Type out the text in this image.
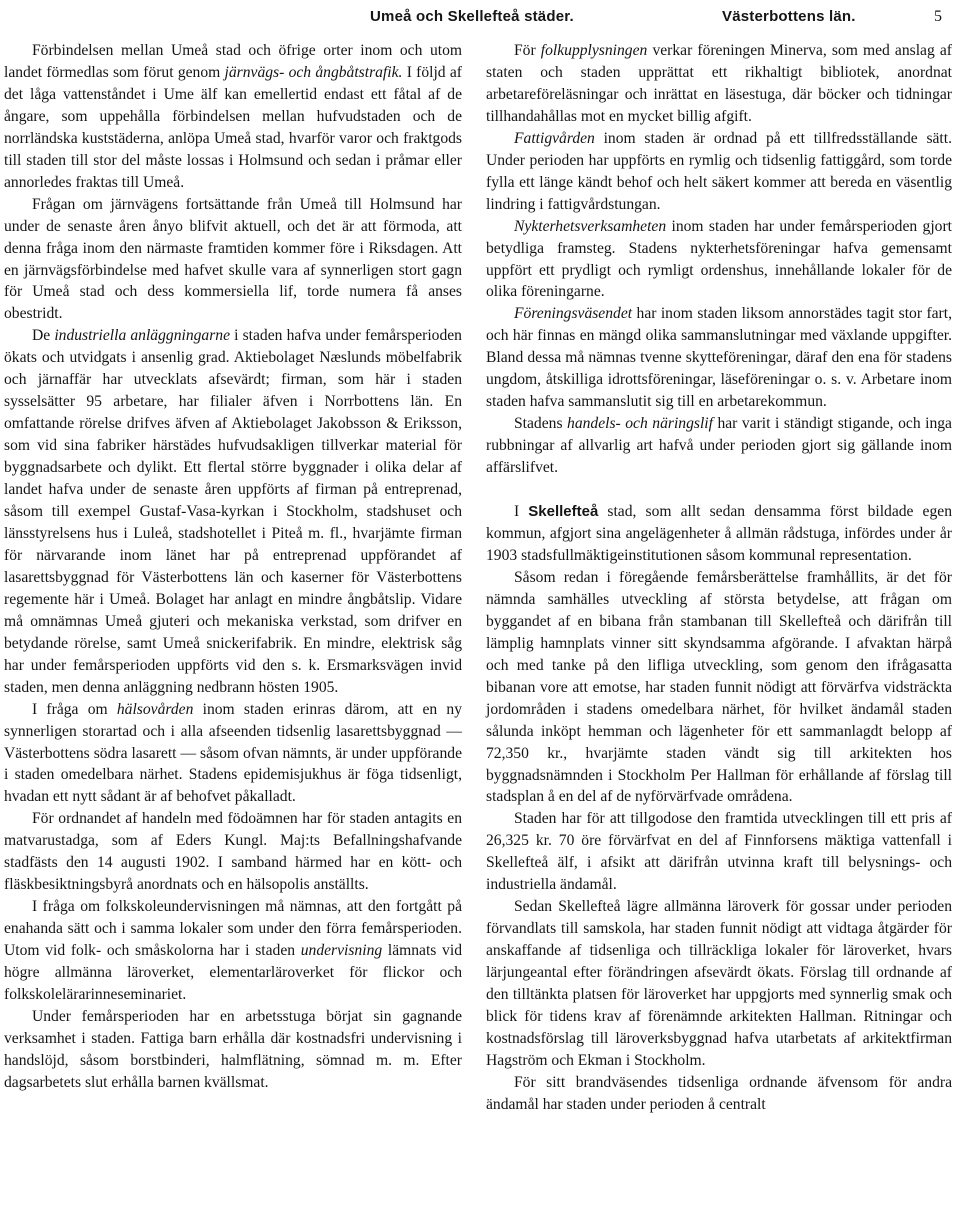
Umeå och Skellefteå städer.	Västerbottens län.	5

Förbindelsen mellan Umeå stad och öfrige orter inom och utom landet förmedlas som förut genom järnvägs- och ångbåtstrafik. I följd af det låga vattenståndet i Ume älf kan emellertid endast ett fåtal af de ångare, som uppehålla förbindelsen mellan hufvudstaden och de norrländska kuststäderna, anlöpa Umeå stad, hvarför varor och fraktgods till staden till stor del måste lossas i Holmsund och sedan i pråmar eller annorledes fraktas till Umeå.

Frågan om järnvägens fortsättande från Umeå till Holmsund har under de senaste åren ånyo blifvit aktuell, och det är att förmoda, att denna fråga inom den närmaste framtiden kommer före i Riksdagen. Att en järnvägsförbindelse med hafvet skulle vara af synnerligen stort gagn för Umeå stad och dess kommersiella lif, torde numera få anses obestridt.

De industriella anläggningarne i staden hafva under femårsperioden ökats och utvidgats i ansenlig grad. Aktiebolaget Næslunds möbelfabrik och järnaffär har utvecklats afsevärdt; firman, som här i staden sysselsätter 95 arbetare, har filialer äfven i Norrbottens län. En omfattande rörelse drifves äfven af Aktiebolaget Jakobsson & Eriksson, som vid sina fabriker härstädes hufvudsakligen tillverkar material för byggnadsarbete och dylikt. Ett flertal större byggnader i olika delar af landet hafva under de senaste åren uppförts af firman på entreprenad, såsom till exempel Gustaf-Vasa-kyrkan i Stockholm, stadshuset och länsstyrelsens hus i Luleå, stadshotellet i Piteå m. fl., hvarjämte firman för närvarande inom länet har på entreprenad uppförandet af lasarettsbyggnad för Västerbottens län och kaserner för Västerbottens regemente här i Umeå. Bolaget har anlagt en mindre ångbåtslip. Vidare må omnämnas Umeå gjuteri och mekaniska verkstad, som drifver en betydande rörelse, samt Umeå snickerifabrik. En mindre, elektrisk såg har under femårsperioden uppförts vid den s. k. Ersmarksvägen invid staden, men denna anläggning nedbrann hösten 1905.

I fråga om hälsovården inom staden erinras därom, att en ny synnerligen storartad och i alla afseenden tidsenlig lasarettsbyggnad — Västerbottens södra lasarett — såsom ofvan nämnts, är under uppförande i staden omedelbara närhet. Stadens epidemisjukhus är föga tidsenligt, hvadan ett nytt sådant är af behofvet påkalladt.

För ordnandet af handeln med födoämnen har för staden antagits en matvarustadga, som af Eders Kungl. Maj:ts Befallningshafvande stadfästs den 14 augusti 1902. I samband härmed har en kött- och fläskbesiktningsbyrå anordnats och en hälsopolis anställts.

I fråga om folkskoleundervisningen må nämnas, att den fortgått på enahanda sätt och i samma lokaler som under den förra femårsperioden. Utom vid folk- och småskolorna har i staden undervisning lämnats vid högre allmänna läroverket, elementarläroverket för flickor och folkskolelärarinneseminariet.

Under femårsperioden har en arbetsstuga börjat sin gagnande verksamhet i staden. Fattiga barn erhålla där kostnadsfri undervisning i handslöjd, såsom borstbinderi, halmflätning, sömnad m. m. Efter dagsarbetets slut erhålla barnen kvällsmat.

För folkupplysningen verkar föreningen Minerva, som med anslag af staten och staden upprättat ett rikhaltigt bibliotek, anordnat arbetareföreläsningar och inrättat en läsestuga, där böcker och tidningar tillhandahållas mot en mycket billig afgift.

Fattigvården inom staden är ordnad på ett tillfredsställande sätt. Under perioden har uppförts en rymlig och tidsenlig fattiggård, som torde fylla ett länge kändt behof och helt säkert kommer att bereda en väsentlig lindring i fattigvårdstungan.

Nykterhetsverksamheten inom staden har under femårsperioden gjort betydliga framsteg. Stadens nykterhetsföreningar hafva gemensamt uppfört ett prydligt och rymligt ordenshus, innehållande lokaler för de olika föreningarne.

Föreningsväsendet har inom staden liksom annorstädes tagit stor fart, och här finnas en mängd olika sammanslutningar med växlande uppgifter. Bland dessa må nämnas tvenne skytteföreningar, däraf den ena för stadens ungdom, åtskilliga idrottsföreningar, läseföreningar o. s. v. Arbetare inom staden hafva sammanslutit sig till en arbetarekommun.

Stadens handels- och näringslif har varit i ständigt stigande, och inga rubbningar af allvarlig art hafvå under perioden gjort sig gällande inom affärslifvet.

I Skellefteå stad, som allt sedan densamma först bildade egen kommun, afgjort sina angelägenheter å allmän rådstuga, infördes under år 1903 stadsfullmäktigeinstitutionen såsom kommunal representation.

Såsom redan i föregående femårsberättelse framhållits, är det för nämnda samhälles utveckling af största betydelse, att frågan om byggandet af en bibana från stambanan till Skellefteå och därifrån till lämplig hamnplats vinner sitt skyndsamma afgörande. I afvaktan härpå och med tanke på den lifliga utveckling, som genom den ifrågasatta bibanan vore att emotse, har staden funnit nödigt att förvärfva vidsträckta jordområden i stadens omedelbara närhet, för hvilket ändamål staden sålunda inköpt hemman och lägenheter för ett sammanlagdt belopp af 72,350 kr., hvarjämte staden vändt sig till arkitekten hos byggnadsnämnden i Stockholm Per Hallman för erhållande af förslag till stadsplan å en del af de nyförvärfvade områdena.

Staden har för att tillgodose den framtida utvecklingen till ett pris af 26,325 kr. 70 öre förvärfvat en del af Finnforsens mäktiga vattenfall i Skellefteå älf, i afsikt att därifrån utvinna kraft till belysnings- och industriella ändamål.

Sedan Skellefteå lägre allmänna läroverk för gossar under perioden förvandlats till samskola, har staden funnit nödigt att vidtaga åtgärder för anskaffande af tidsenliga och tillräckliga lokaler för läroverket, hvars lärjungeantal efter förändringen afsevärdt ökats. Förslag till ordnande af den tilltänkta platsen för läroverket har uppgjorts med synnerlig smak och blick för tidens krav af förenämnde arkitekten Hallman. Ritningar och kostnadsförslag till läroverksbyggnad hafva utarbetats af arkitektfirman Hagström och Ekman i Stockholm.

För sitt brandväsendes tidsenliga ordnande äfvensom för andra ändamål har staden under perioden å centralt
